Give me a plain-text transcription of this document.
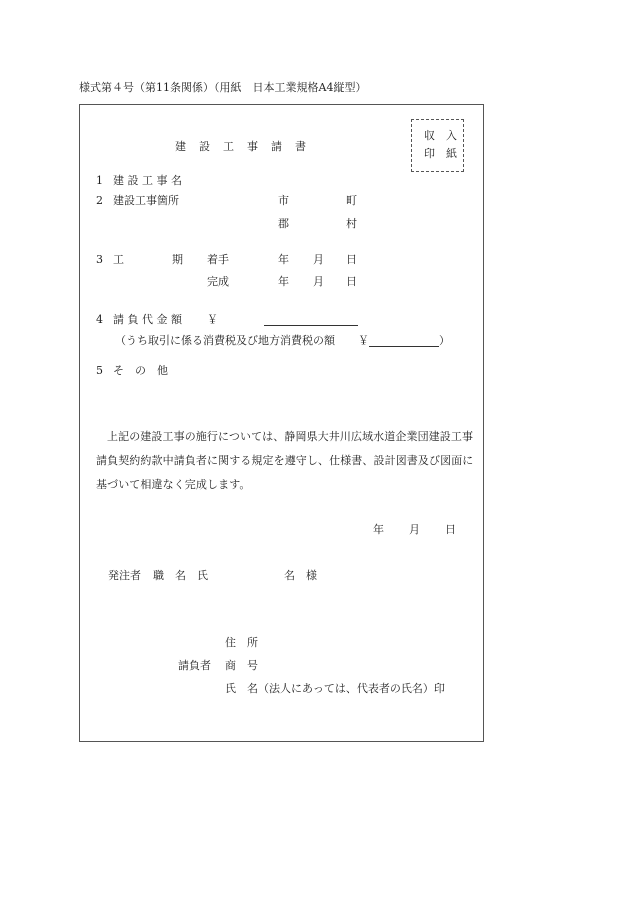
様式第４号（第11条関係）（用紙　日本工業規格A4縦型）
建　設　工　事　請　書
収　入
印　紙
1 建 設 工 事 名
2 建設工事箇所	市	町
郡	村
3 工	期 着手	年 月 日
完成	年 月 日
4 請 負 代 金 額 ￥
（うち取引に係る消費税及び地方消費税の額 ￥	）
5 そ　の　他
上記の建設工事の施行については、静岡県大井川広域水道企業団建設工事請負契約約款中請負者に関する規定を遵守し、仕様書、設計図書及び図面に基づいて相違なく完成します。
年 月 日
発注者 職　名　氏	名　様
住　所
請負者 商　号
氏　名（法人にあっては、代表者の氏名）印
